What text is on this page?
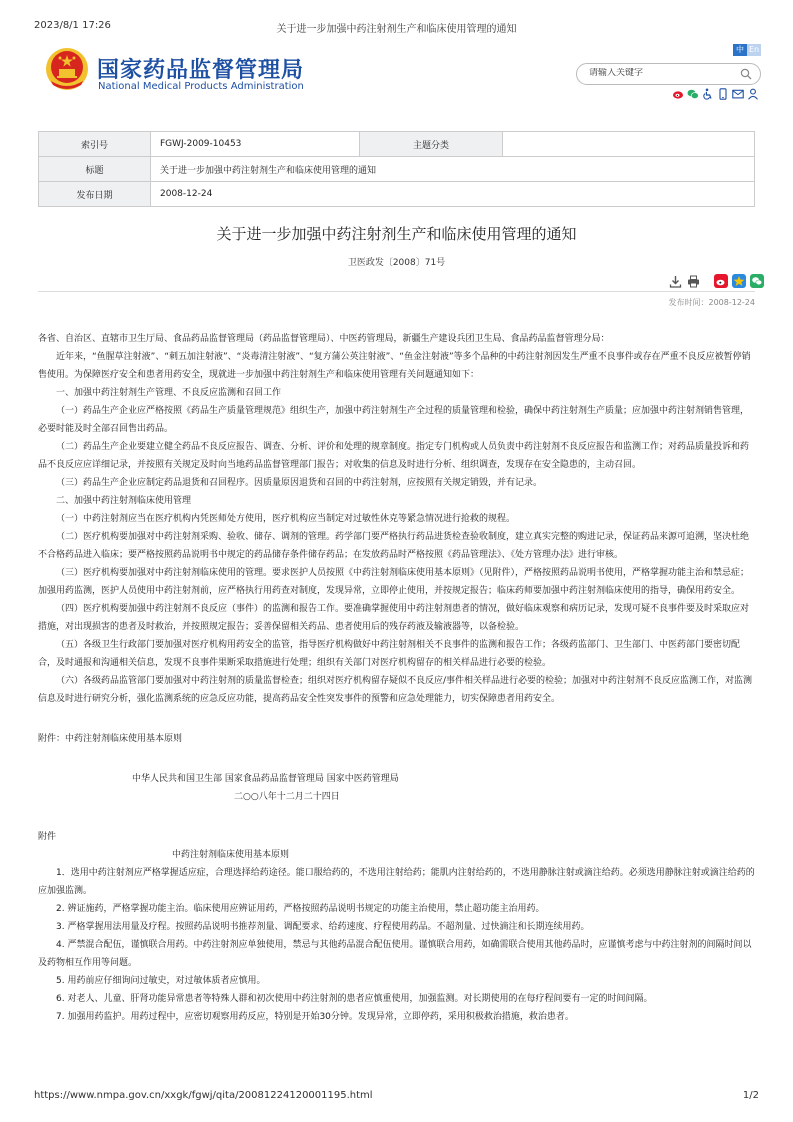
2023/8/1 17:26	关于进一步加强中药注射剂生产和临床使用管理的通知
国家药品监督管理局
National Medical Products Administration
中 En
请输入关键字
索引号	FGWJ-2009-10453	主题分类	
标题	关于进一步加强中药注射剂生产和临床使用管理的通知		
发布日期	2008-12-24		
关于进一步加强中药注射剂生产和临床使用管理的通知
卫医政发〔2008〕71号
发布时间：2008-12-24

各省、自治区、直辖市卫生厅局、食品药品监督管理局（药品监督管理局）、中医药管理局，新疆生产建设兵团卫生局、食品药品监督管理分局：

近年来，“鱼腥草注射液”、“刺五加注射液”、“炎毒清注射液”、“复方蒲公英注射液”、“鱼金注射液”等多个品种的中药注射剂因发生严重不良事件或存在严重不良反应被暂停销售使用。为保障医疗安全和患者用药安全，现就进一步加强中药注射剂生产和临床使用管理有关问题通知如下：

一、加强中药注射剂生产管理、不良反应监测和召回工作

（一）药品生产企业应严格按照《药品生产质量管理规范》组织生产，加强中药注射剂生产全过程的质量管理和检验，确保中药注射剂生产质量；应加强中药注射剂销售管理，必要时能及时全部召回售出药品。

（二）药品生产企业要建立健全药品不良反应报告、调查、分析、评价和处理的规章制度。指定专门机构或人员负责中药注射剂不良反应报告和监测工作；对药品质量投诉和药品不良反应应详细记录，并按照有关规定及时向当地药品监督管理部门报告；对收集的信息及时进行分析、组织调查，发现存在安全隐患的，主动召回。

（三）药品生产企业应制定药品退货和召回程序。因质量原因退货和召回的中药注射剂，应按照有关规定销毁，并有记录。

二、加强中药注射剂临床使用管理

（一）中药注射剂应当在医疗机构内凭医师处方使用，医疗机构应当制定对过敏性休克等紧急情况进行抢救的规程。

（二）医疗机构要加强对中药注射剂采购、验收、储存、调剂的管理。药学部门要严格执行药品进货检查验收制度，建立真实完整的购进记录，保证药品来源可追溯，坚决杜绝不合格药品进入临床；要严格按照药品说明书中规定的药品储存条件储存药品；在发放药品时严格按照《药品管理法》、《处方管理办法》进行审核。

（三）医疗机构要加强对中药注射剂临床使用的管理。要求医护人员按照《中药注射剂临床使用基本原则》（见附件），严格按照药品说明书使用，严格掌握功能主治和禁忌症；加强用药监测，医护人员使用中药注射剂前，应严格执行用药查对制度，发现异常，立即停止使用，并按规定报告；临床药师要加强中药注射剂临床使用的指导，确保用药安全。

（四）医疗机构要加强中药注射剂不良反应（事件）的监测和报告工作。要准确掌握使用中药注射剂患者的情况，做好临床观察和病历记录，发现可疑不良事件要及时采取应对措施，对出现损害的患者及时救治，并按照规定报告；妥善保留相关药品、患者使用后的残存药液及输液器等，以备检验。

（五）各级卫生行政部门要加强对医疗机构用药安全的监管，指导医疗机构做好中药注射剂相关不良事件的监测和报告工作；各级药监部门、卫生部门、中医药部门要密切配合，及时通报和沟通相关信息，发现不良事件果断采取措施进行处理；组织有关部门对医疗机构留存的相关样品进行必要的检验。

（六）各级药品监管部门要加强对中药注射剂的质量监督检查；组织对医疗机构留存疑似不良反应/事件相关样品进行必要的检验；加强对中药注射剂不良反应监测工作，对监测信息及时进行研究分析，强化监测系统的应急反应功能，提高药品安全性突发事件的预警和应急处理能力，切实保障患者用药安全。

附件：中药注射剂临床使用基本原则

中华人民共和国卫生部 国家食品药品监督管理局 国家中医药管理局

二○○八年十二月二十四日

附件

中药注射剂临床使用基本原则

1．选用中药注射剂应严格掌握适应症，合理选择给药途径。能口服给药的，不选用注射给药；能肌内注射给药的，不选用静脉注射或滴注给药。必须选用静脉注射或滴注给药的应加强监测。

2. 辨证施药，严格掌握功能主治。临床使用应辨证用药，严格按照药品说明书规定的功能主治使用，禁止超功能主治用药。

3. 严格掌握用法用量及疗程。按照药品说明书推荐剂量、调配要求、给药速度、疗程使用药品。不超剂量、过快滴注和长期连续用药。

4. 严禁混合配伍，谨慎联合用药。中药注射剂应单独使用，禁忌与其他药品混合配伍使用。谨慎联合用药，如确需联合使用其他药品时，应谨慎考虑与中药注射剂的间隔时间以及药物相互作用等问题。

5. 用药前应仔细询问过敏史，对过敏体质者应慎用。

6. 对老人、儿童、肝肾功能异常患者等特殊人群和初次使用中药注射剂的患者应慎重使用，加强监测。对长期使用的在每疗程间要有一定的时间间隔。

7. 加强用药监护。用药过程中，应密切观察用药反应，特别是开始30分钟。发现异常，立即停药，采用积极救治措施，救治患者。

https://www.nmpa.gov.cn/xxgk/fgwj/qita/20081224120001195.html	1/2
